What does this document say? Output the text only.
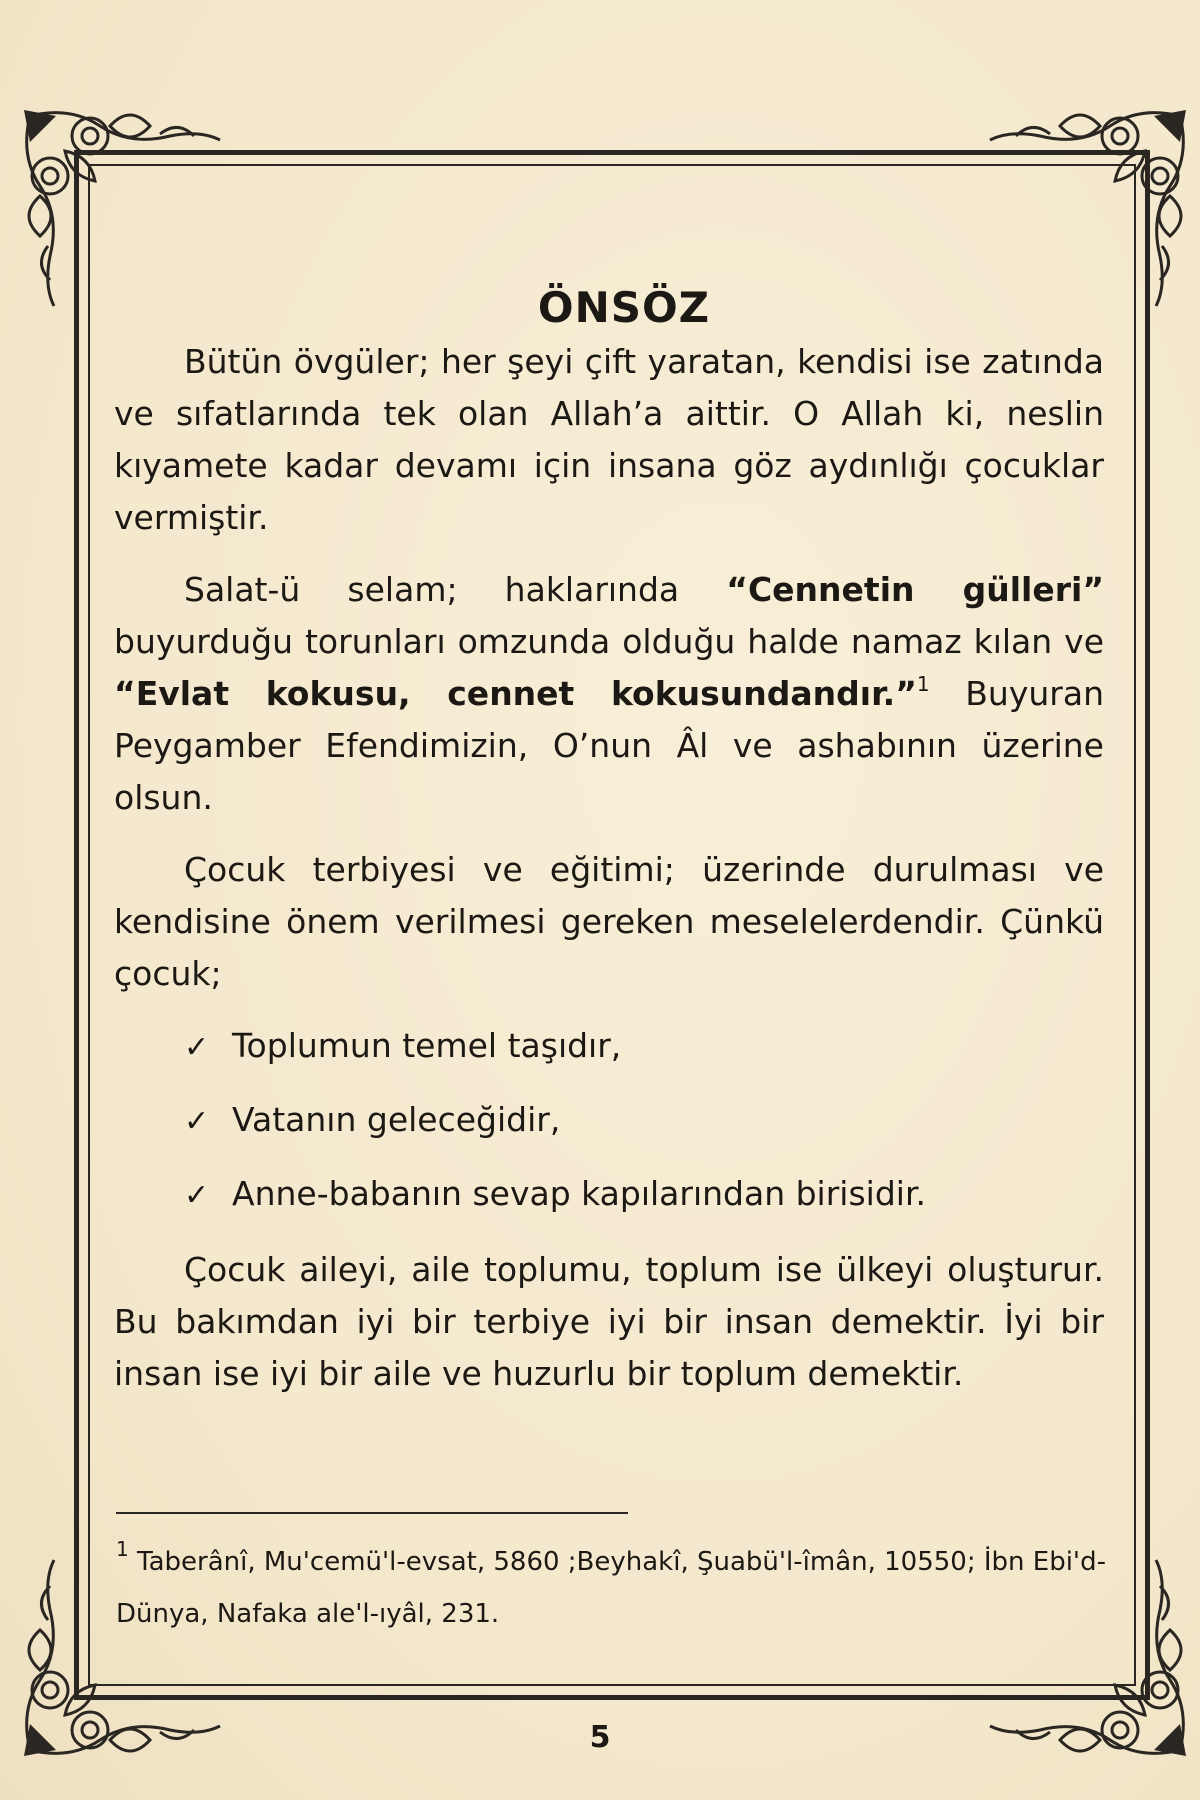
ÖNSÖZ

Bütün övgüler; her şeyi çift yaratan, kendisi ise zatında ve sıfatlarında tek olan Allah’a aittir. O Allah ki, neslin kıyamete kadar devamı için insana göz aydınlığı çocuklar vermiştir.

Salat-ü selam; haklarında “Cennetin gülleri” buyurduğu torunları omzunda olduğu halde namaz kılan ve “Evlat kokusu, cennet kokusundandır.”$^1$ Buyuran Peygamber Efendimizin, O’nun Âl ve ashabının üzerine olsun.

Çocuk terbiyesi ve eğitimi; üzerinde durulması ve kendisine önem verilmesi gereken meselelerdendir. Çünkü çocuk;

✓ Toplumun temel taşıdır,
✓ Vatanın geleceğidir,
✓ Anne-babanın sevap kapılarından birisidir.

Çocuk aileyi, aile toplumu, toplum ise ülkeyi oluşturur. Bu bakımdan iyi bir terbiye iyi bir insan demektir. İyi bir insan ise iyi bir aile ve huzurlu bir toplum demektir.

$^1$ Taberânî, Mu'cemü'l-evsat, 5860 ;Beyhakî, Şuabü'l-îmân, 10550; İbn Ebi'd-Dünya, Nafaka ale'l-ıyâl, 231.
5
